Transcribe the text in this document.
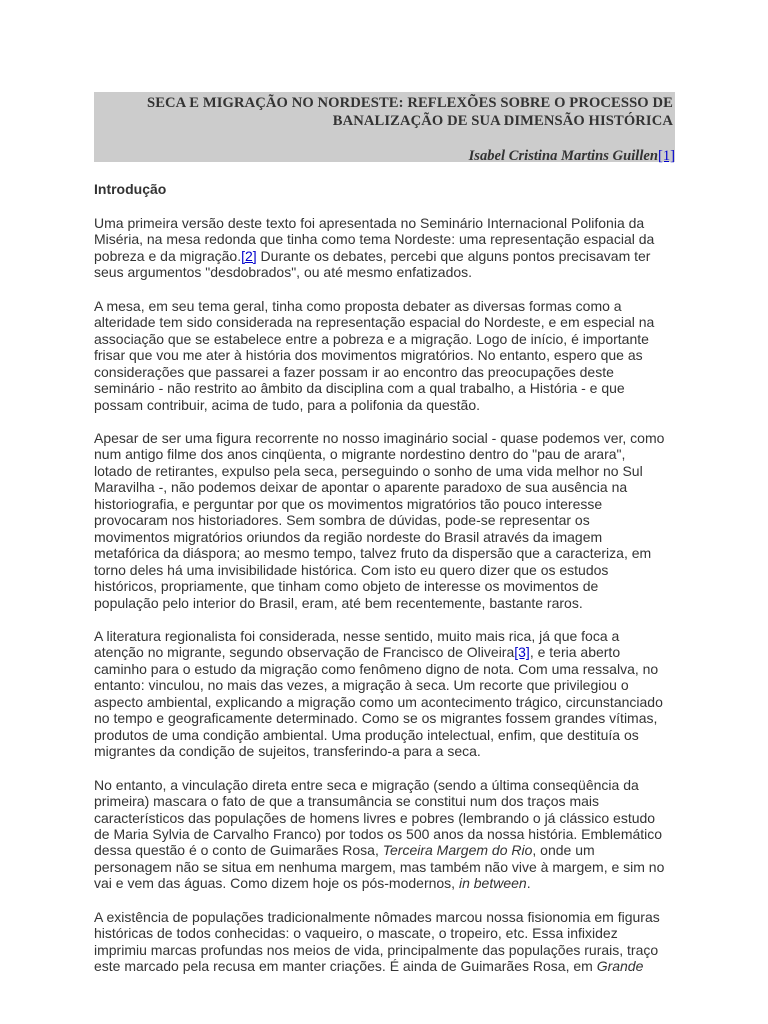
SECA E MIGRAÇÃO NO NORDESTE: REFLEXÕES SOBRE O PROCESSO DE
BANALIZAÇÃO DE SUA DIMENSÃO HISTÓRICA
Isabel Cristina Martins Guillen[1]
Introdução

Uma primeira versão deste texto foi apresentada no Seminário Internacional Polifonia da
Miséria, na mesa redonda que tinha como tema Nordeste: uma representação espacial da
pobreza e da migração.[2] Durante os debates, percebi que alguns pontos precisavam ter
seus argumentos "desdobrados", ou até mesmo enfatizados.

A mesa, em seu tema geral, tinha como proposta debater as diversas formas como a
alteridade tem sido considerada na representação espacial do Nordeste, e em especial na
associação que se estabelece entre a pobreza e a migração. Logo de início, é importante
frisar que vou me ater à história dos movimentos migratórios. No entanto, espero que as
considerações que passarei a fazer possam ir ao encontro das preocupações deste
seminário - não restrito ao âmbito da disciplina com a qual trabalho, a História - e que
possam contribuir, acima de tudo, para a polifonia da questão.

Apesar de ser uma figura recorrente no nosso imaginário social - quase podemos ver, como
num antigo filme dos anos cinqüenta, o migrante nordestino dentro do "pau de arara",
lotado de retirantes, expulso pela seca, perseguindo o sonho de uma vida melhor no Sul
Maravilha -, não podemos deixar de apontar o aparente paradoxo de sua ausência na
historiografia, e perguntar por que os movimentos migratórios tão pouco interesse
provocaram nos historiadores. Sem sombra de dúvidas, pode-se representar os
movimentos migratórios oriundos da região nordeste do Brasil através da imagem
metafórica da diáspora; ao mesmo tempo, talvez fruto da dispersão que a caracteriza, em
torno deles há uma invisibilidade histórica. Com isto eu quero dizer que os estudos
históricos, propriamente, que tinham como objeto de interesse os movimentos de
população pelo interior do Brasil, eram, até bem recentemente, bastante raros.

A literatura regionalista foi considerada, nesse sentido, muito mais rica, já que foca a
atenção no migrante, segundo observação de Francisco de Oliveira[3], e teria aberto
caminho para o estudo da migração como fenômeno digno de nota. Com uma ressalva, no
entanto: vinculou, no mais das vezes, a migração à seca. Um recorte que privilegiou o
aspecto ambiental, explicando a migração como um acontecimento trágico, circunstanciado
no tempo e geograficamente determinado. Como se os migrantes fossem grandes vítimas,
produtos de uma condição ambiental. Uma produção intelectual, enfim, que destituía os
migrantes da condição de sujeitos, transferindo-a para a seca.

No entanto, a vinculação direta entre seca e migração (sendo a última conseqüência da
primeira) mascara o fato de que a transumância se constitui num dos traços mais
característicos das populações de homens livres e pobres (lembrando o já clássico estudo
de Maria Sylvia de Carvalho Franco) por todos os 500 anos da nossa história. Emblemático
dessa questão é o conto de Guimarães Rosa, Terceira Margem do Rio, onde um
personagem não se situa em nenhuma margem, mas também não vive à margem, e sim no
vai e vem das águas. Como dizem hoje os pós-modernos, in between.

A existência de populações tradicionalmente nômades marcou nossa fisionomia em figuras
históricas de todos conhecidas: o vaqueiro, o mascate, o tropeiro, etc. Essa infixidez
imprimiu marcas profundas nos meios de vida, principalmente das populações rurais, traço
este marcado pela recusa em manter criações. É ainda de Guimarães Rosa, em Grande
